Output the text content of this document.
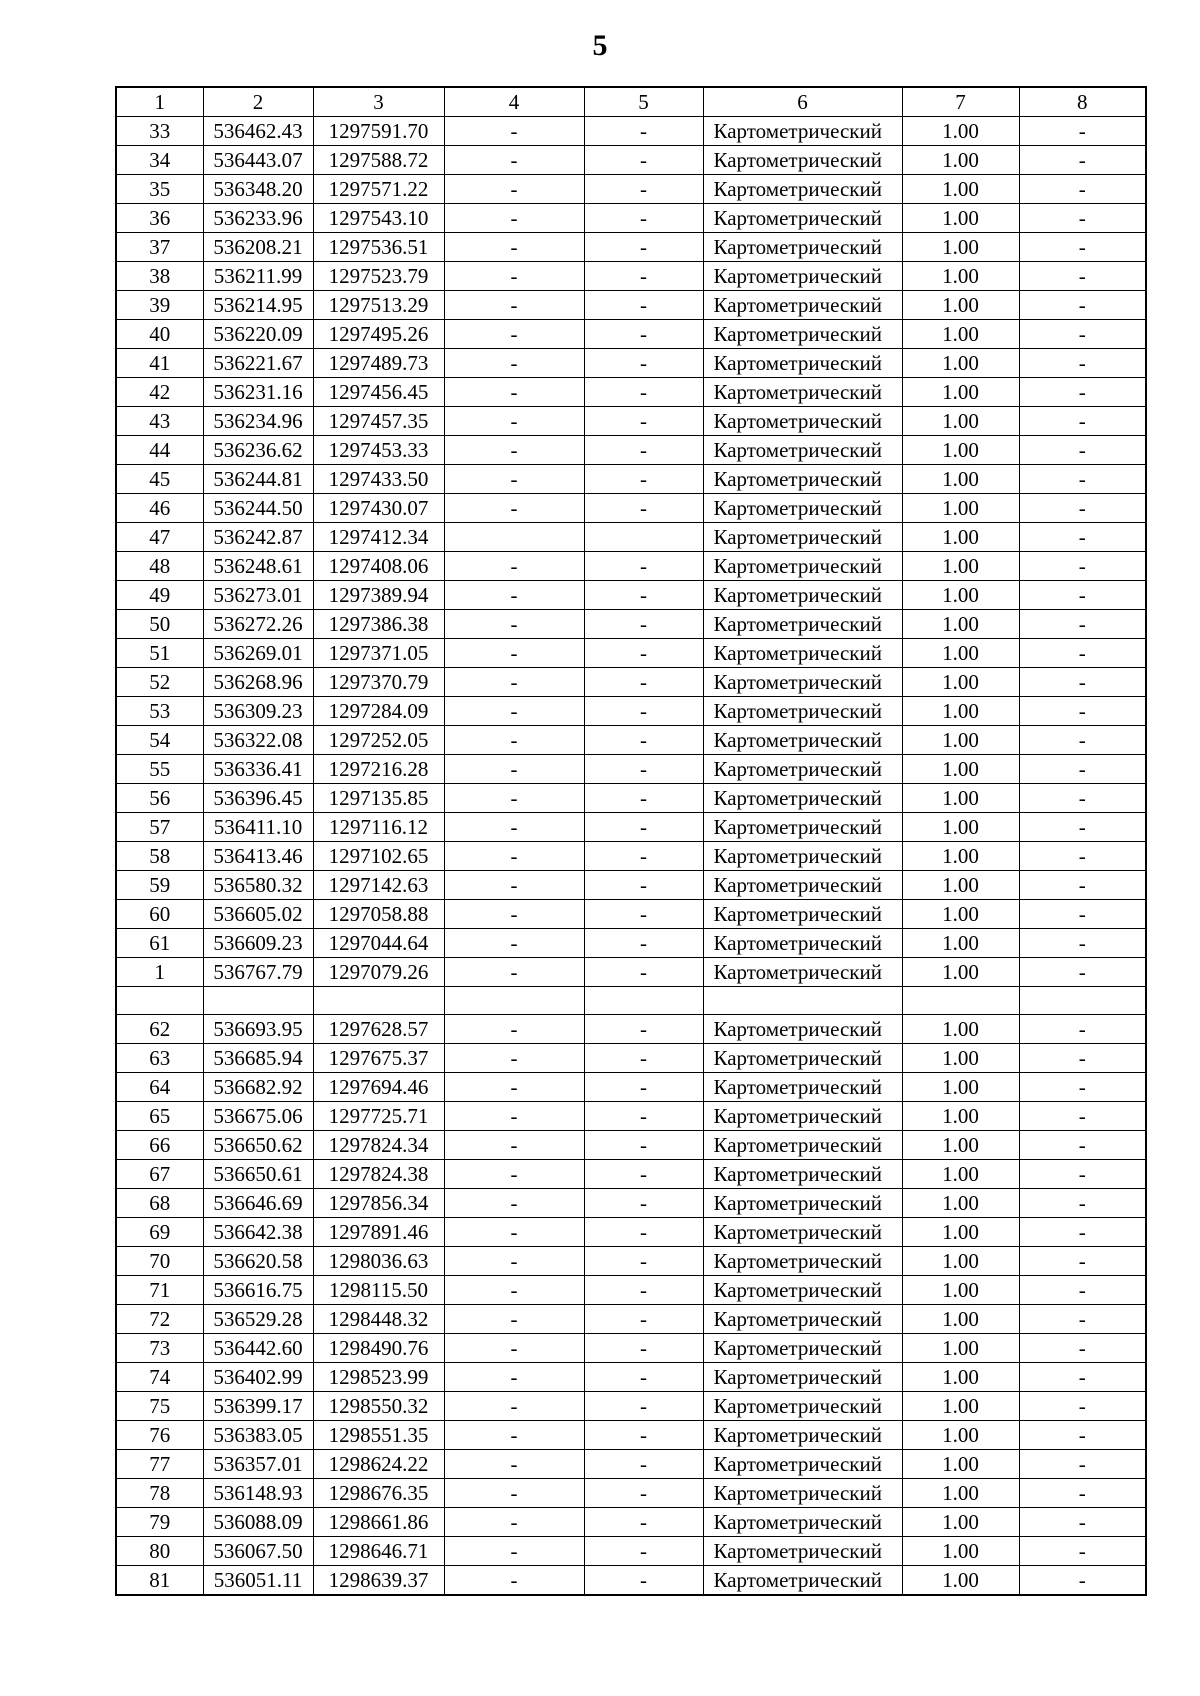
5
1	2	3	4	5	6	7	8
33	536462.43	1297591.70	-	-	Картометрический	1.00	-
34	536443.07	1297588.72	-	-	Картометрический	1.00	-
35	536348.20	1297571.22	-	-	Картометрический	1.00	-
36	536233.96	1297543.10	-	-	Картометрический	1.00	-
37	536208.21	1297536.51	-	-	Картометрический	1.00	-
38	536211.99	1297523.79	-	-	Картометрический	1.00	-
39	536214.95	1297513.29	-	-	Картометрический	1.00	-
40	536220.09	1297495.26	-	-	Картометрический	1.00	-
41	536221.67	1297489.73	-	-	Картометрический	1.00	-
42	536231.16	1297456.45	-	-	Картометрический	1.00	-
43	536234.96	1297457.35	-	-	Картометрический	1.00	-
44	536236.62	1297453.33	-	-	Картометрический	1.00	-
45	536244.81	1297433.50	-	-	Картометрический	1.00	-
46	536244.50	1297430.07	-	-	Картометрический	1.00	-
47	536242.87	1297412.34			Картометрический	1.00	-
48	536248.61	1297408.06	-	-	Картометрический	1.00	-
49	536273.01	1297389.94	-	-	Картометрический	1.00	-
50	536272.26	1297386.38	-	-	Картометрический	1.00	-
51	536269.01	1297371.05	-	-	Картометрический	1.00	-
52	536268.96	1297370.79	-	-	Картометрический	1.00	-
53	536309.23	1297284.09	-	-	Картометрический	1.00	-
54	536322.08	1297252.05	-	-	Картометрический	1.00	-
55	536336.41	1297216.28	-	-	Картометрический	1.00	-
56	536396.45	1297135.85	-	-	Картометрический	1.00	-
57	536411.10	1297116.12	-	-	Картометрический	1.00	-
58	536413.46	1297102.65	-	-	Картометрический	1.00	-
59	536580.32	1297142.63	-	-	Картометрический	1.00	-
60	536605.02	1297058.88	-	-	Картометрический	1.00	-
61	536609.23	1297044.64	-	-	Картометрический	1.00	-
1	536767.79	1297079.26	-	-	Картометрический	1.00	-

62	536693.95	1297628.57	-	-	Картометрический	1.00	-
63	536685.94	1297675.37	-	-	Картометрический	1.00	-
64	536682.92	1297694.46	-	-	Картометрический	1.00	-
65	536675.06	1297725.71	-	-	Картометрический	1.00	-
66	536650.62	1297824.34	-	-	Картометрический	1.00	-
67	536650.61	1297824.38	-	-	Картометрический	1.00	-
68	536646.69	1297856.34	-	-	Картометрический	1.00	-
69	536642.38	1297891.46	-	-	Картометрический	1.00	-
70	536620.58	1298036.63	-	-	Картометрический	1.00	-
71	536616.75	1298115.50	-	-	Картометрический	1.00	-
72	536529.28	1298448.32	-	-	Картометрический	1.00	-
73	536442.60	1298490.76	-	-	Картометрический	1.00	-
74	536402.99	1298523.99	-	-	Картометрический	1.00	-
75	536399.17	1298550.32	-	-	Картометрический	1.00	-
76	536383.05	1298551.35	-	-	Картометрический	1.00	-
77	536357.01	1298624.22	-	-	Картометрический	1.00	-
78	536148.93	1298676.35	-	-	Картометрический	1.00	-
79	536088.09	1298661.86	-	-	Картометрический	1.00	-
80	536067.50	1298646.71	-	-	Картометрический	1.00	-
81	536051.11	1298639.37	-	-	Картометрический	1.00	-
